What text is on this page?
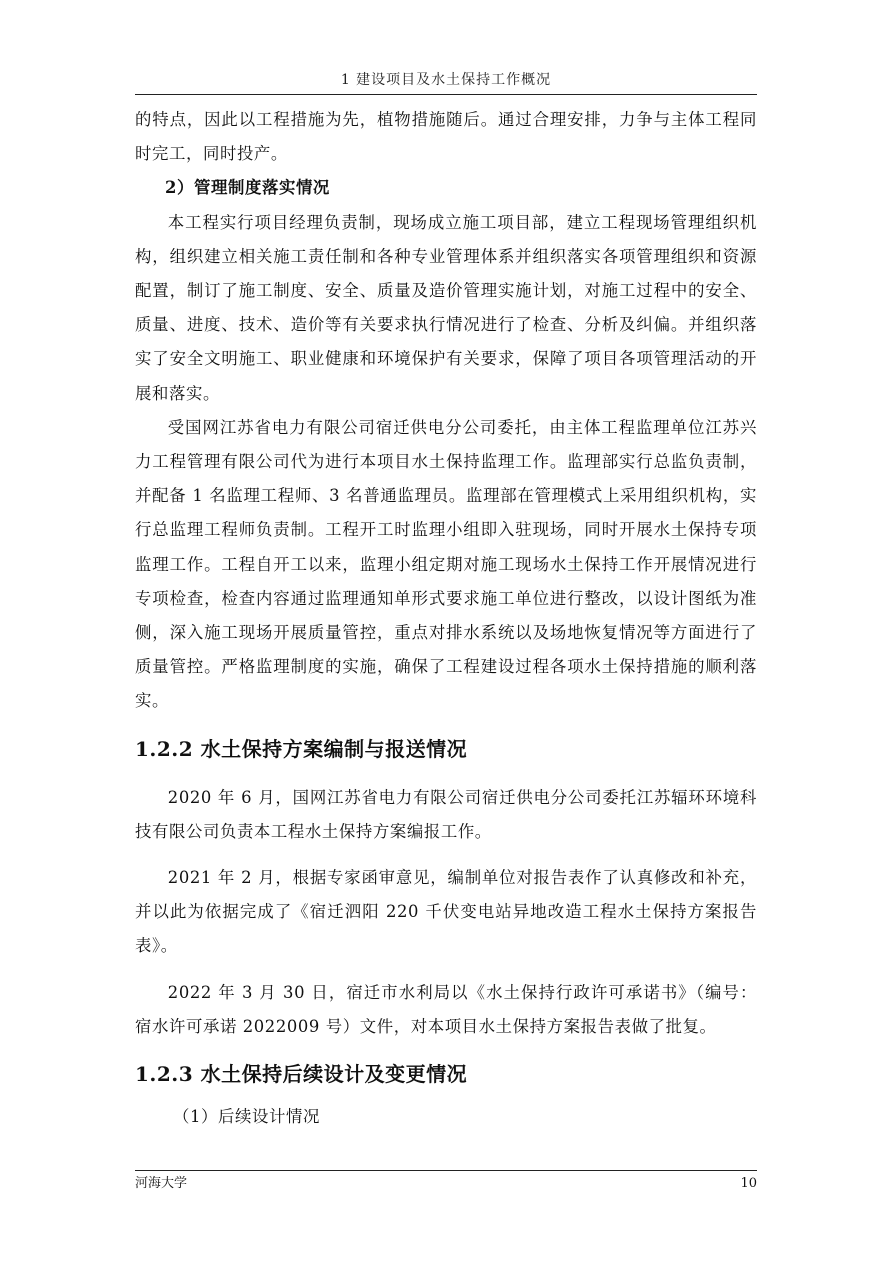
1 建设项目及水土保持工作概况

的特点，因此以工程措施为先，植物措施随后。通过合理安排，力争与主体工程同时完工，同时投产。

2）管理制度落实情况

本工程实行项目经理负责制，现场成立施工项目部，建立工程现场管理组织机构，组织建立相关施工责任制和各种专业管理体系并组织落实各项管理组织和资源配置，制订了施工制度、安全、质量及造价管理实施计划，对施工过程中的安全、质量、进度、技术、造价等有关要求执行情况进行了检查、分析及纠偏。并组织落实了安全文明施工、职业健康和环境保护有关要求，保障了项目各项管理活动的开展和落实。

受国网江苏省电力有限公司宿迁供电分公司委托，由主体工程监理单位江苏兴力工程管理有限公司代为进行本项目水土保持监理工作。监理部实行总监负责制，并配备 1 名监理工程师、3 名普通监理员。监理部在管理模式上采用组织机构，实行总监理工程师负责制。工程开工时监理小组即入驻现场，同时开展水土保持专项监理工作。工程自开工以来，监理小组定期对施工现场水土保持工作开展情况进行专项检查，检查内容通过监理通知单形式要求施工单位进行整改，以设计图纸为准侧，深入施工现场开展质量管控，重点对排水系统以及场地恢复情况等方面进行了质量管控。严格监理制度的实施，确保了工程建设过程各项水土保持措施的顺利落实。

1.2.2 水土保持方案编制与报送情况

2020 年 6 月，国网江苏省电力有限公司宿迁供电分公司委托江苏辐环环境科技有限公司负责本工程水土保持方案编报工作。

2021 年 2 月，根据专家函审意见，编制单位对报告表作了认真修改和补充，并以此为依据完成了《宿迁泗阳 220 千伏变电站异地改造工程水土保持方案报告表》。

2022 年 3 月 30 日，宿迁市水利局以《水土保持行政许可承诺书》（编号：宿水许可承诺 2022009 号）文件，对本项目水土保持方案报告表做了批复。

1.2.3 水土保持后续设计及变更情况
（1）后续设计情况
河海大学	10
